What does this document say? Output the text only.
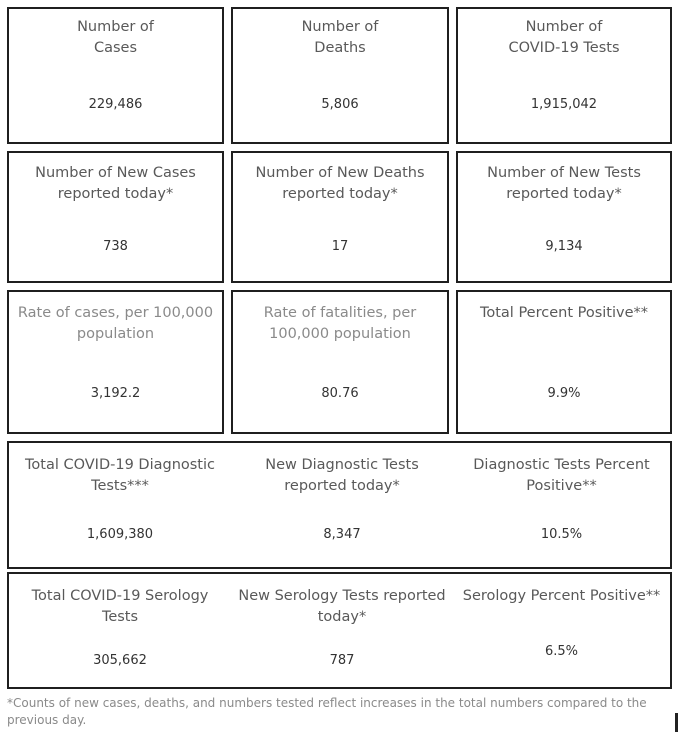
Number of
Cases
229,486
Number of
Deaths
5,806
Number of
COVID-19 Tests
1,915,042
Number of New Cases reported today*
738
Number of New Deaths reported today*
17
Number of New Tests reported today*
9,134
Rate of cases, per 100,000 population
3,192.2
Rate of fatalities, per 100,000 population
80.76
Total Percent Positive**
9.9%
Total COVID-19 Diagnostic Tests***
1,609,380
New Diagnostic Tests reported today*
8,347
Diagnostic Tests Percent Positive**
10.5%
Total COVID-19 Serology Tests
305,662
New Serology Tests reported today*
787
Serology Percent Positive**
6.5%
*Counts of new cases, deaths, and numbers tested reflect increases in the total numbers compared to the previous day.
